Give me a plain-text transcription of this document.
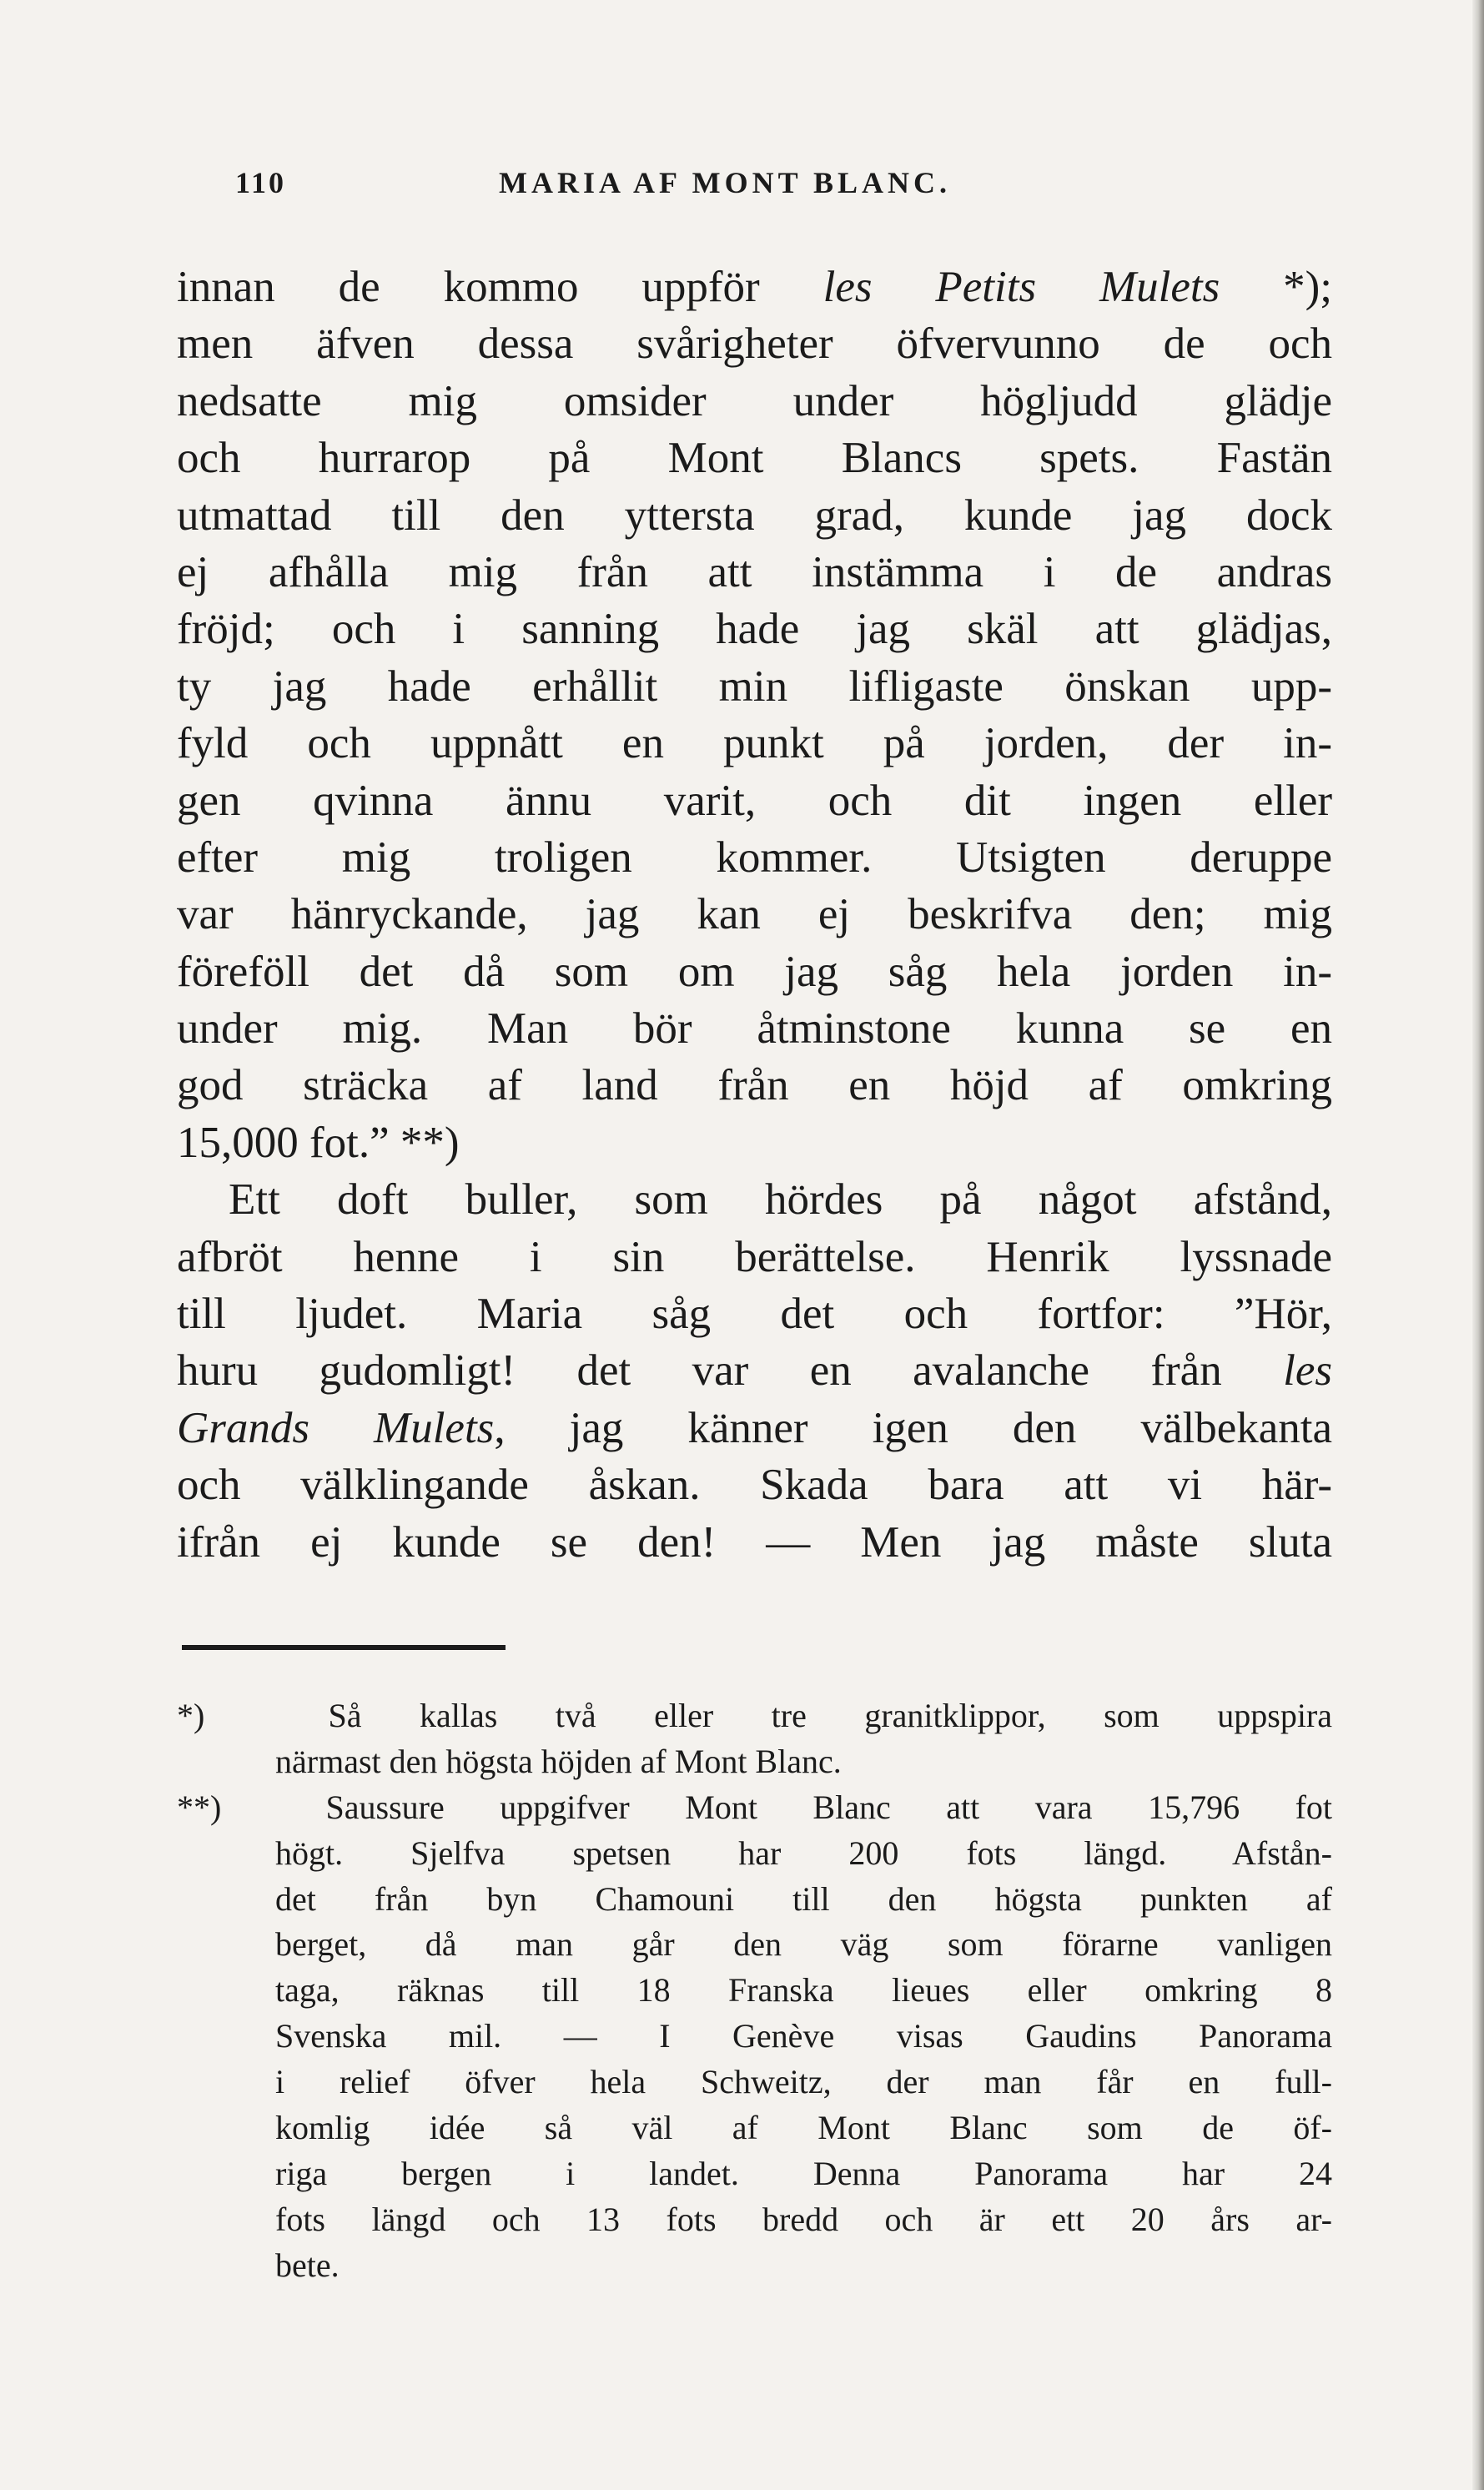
110	MARIA AF MONT BLANC.
innan de kommo uppför les Petits Mulets *);
men äfven dessa svårigheter öfvervunno de och
nedsatte mig omsider under högljudd glädje
och hurrarop på Mont Blancs spets. Fastän
utmattad till den yttersta grad, kunde jag dock
ej afhålla mig från att instämma i de andras
fröjd; och i sanning hade jag skäl att glädjas,
ty jag hade erhållit min lifligaste önskan upp-
fyld och uppnått en punkt på jorden, der in-
gen qvinna ännu varit, och dit ingen eller
efter mig troligen kommer. Utsigten deruppe
var hänryckande, jag kan ej beskrifva den; mig
föreföll det då som om jag såg hela jorden in-
under mig. Man bör åtminstone kunna se en
god sträcka af land från en höjd af omkring
15,000 fot.” **)
Ett doft buller, som hördes på något afstånd,
afbröt henne i sin berättelse. Henrik lyssnade
till ljudet. Maria såg det och fortfor: ”Hör,
huru gudomligt! det var en avalanche från les
Grands Mulets, jag känner igen den välbekanta
och välklingande åskan. Skada bara att vi här-
ifrån ej kunde se den! — Men jag måste sluta
*)	Så kallas två eller tre granitklippor, som uppspira
närmast den högsta höjden af Mont Blanc.
**)	Saussure uppgifver Mont Blanc att vara 15,796 fot
högt. Sjelfva spetsen har 200 fots längd. Afstån-
det från byn Chamouni till den högsta punkten af
berget, då man går den väg som förarne vanligen
taga, räknas till 18 Franska lieues eller omkring 8
Svenska mil. — I Genève visas Gaudins Panorama
i relief öfver hela Schweitz, der man får en full-
komlig idée så väl af Mont Blanc som de öf-
riga bergen i landet. Denna Panorama har 24
fots längd och 13 fots bredd och är ett 20 års ar-
bete.
